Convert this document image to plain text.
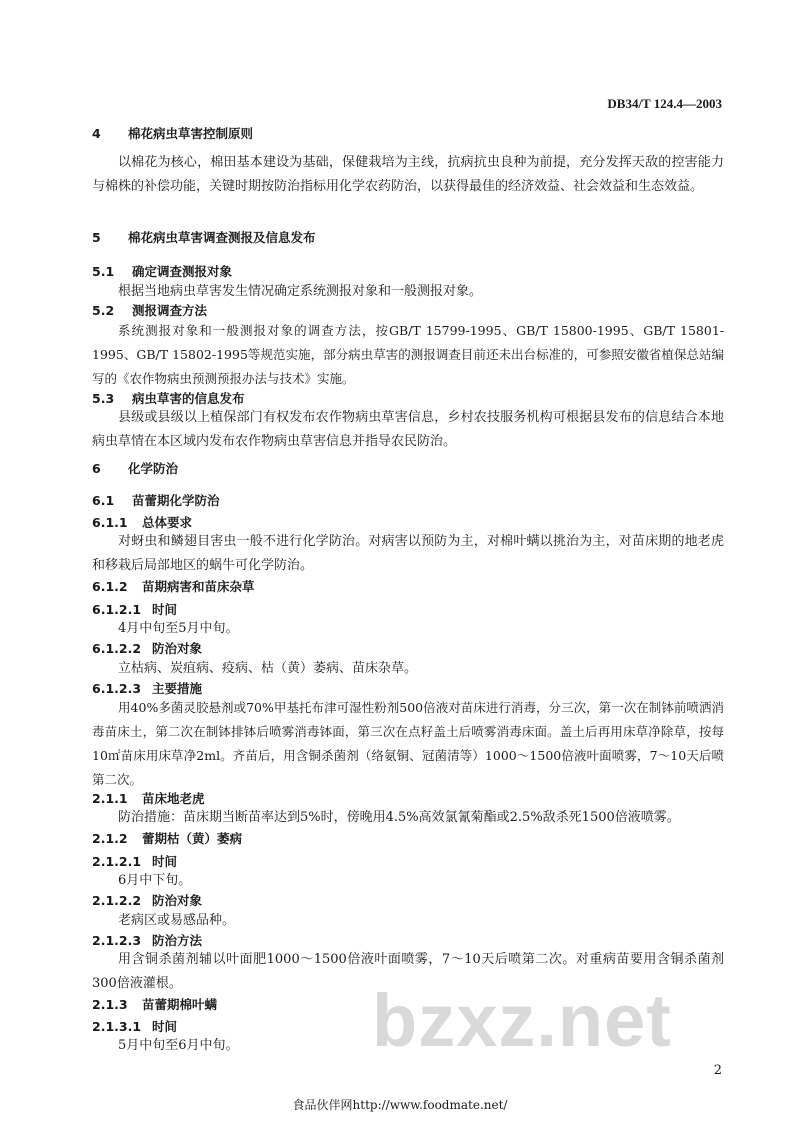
DB34/T 124.4—2003
4 棉花病虫草害控制原则

以棉花为核心，棉田基本建设为基础，保健栽培为主线，抗病抗虫良种为前提，充分发挥天敌的控害能力与棉株的补偿功能，关键时期按防治指标用化学农药防治，以获得最佳的经济效益、社会效益和生态效益。

5 棉花病虫草害调查测报及信息发布
5.1 确定调查测报对象

根据当地病虫草害发生情况确定系统测报对象和一般测报对象。

5.2 测报调查方法

系统测报对象和一般测报对象的调查方法，按GB/T 15799-1995、GB/T 15800-1995、GB/T 15801-1995、GB/T 15802-1995等规范实施，部分病虫草害的测报调查目前还未出台标准的，可参照安徽省植保总站编写的《农作物病虫预测预报办法与技术》实施。

5.3 病虫草害的信息发布

县级或县级以上植保部门有权发布农作物病虫草害信息，乡村农技服务机构可根据县发布的信息结合本地病虫草情在本区域内发布农作物病虫草害信息并指导农民防治。

6 化学防治
6.1 苗蕾期化学防治
6.1.1 总体要求

对蚜虫和鳞翅目害虫一般不进行化学防治。对病害以预防为主，对棉叶螨以挑治为主，对苗床期的地老虎和移栽后局部地区的蜗牛可化学防治。

6.1.2 苗期病害和苗床杂草
6.1.2.1 时间

4月中旬至5月中旬。

6.1.2.2 防治对象

立枯病、炭疽病、疫病、枯（黄）萎病、苗床杂草。

6.1.2.3 主要措施

用40%多菌灵胶悬剂或70%甲基托布津可湿性粉剂500倍液对苗床进行消毒，分三次，第一次在制钵前喷洒消毒苗床土，第二次在制钵排钵后喷雾消毒钵面，第三次在点籽盖土后喷雾消毒床面。盖土后再用床草净除草，按每10㎡苗床用床草净2ml。齐苗后，用含铜杀菌剂（络氨铜、冠菌清等）1000～1500倍液叶面喷雾，7～10天后喷第二次。

2.1.1 苗床地老虎

防治措施：苗床期当断苗率达到5%时，傍晚用4.5%高效氯氰菊酯或2.5%敌杀死1500倍液喷雾。

2.1.2 蕾期枯（黄）萎病
2.1.2.1 时间

6月中下旬。

2.1.2.2 防治对象

老病区或易感品种。

2.1.2.3 防治方法

用含铜杀菌剂辅以叶面肥1000～1500倍液叶面喷雾，7～10天后喷第二次。对重病苗要用含铜杀菌剂300倍液灌根。

2.1.3 苗蕾期棉叶螨
2.1.3.1 时间

5月中旬至6月中旬。	bzxz.net
2
食品伙伴网http://www.foodmate.net/
